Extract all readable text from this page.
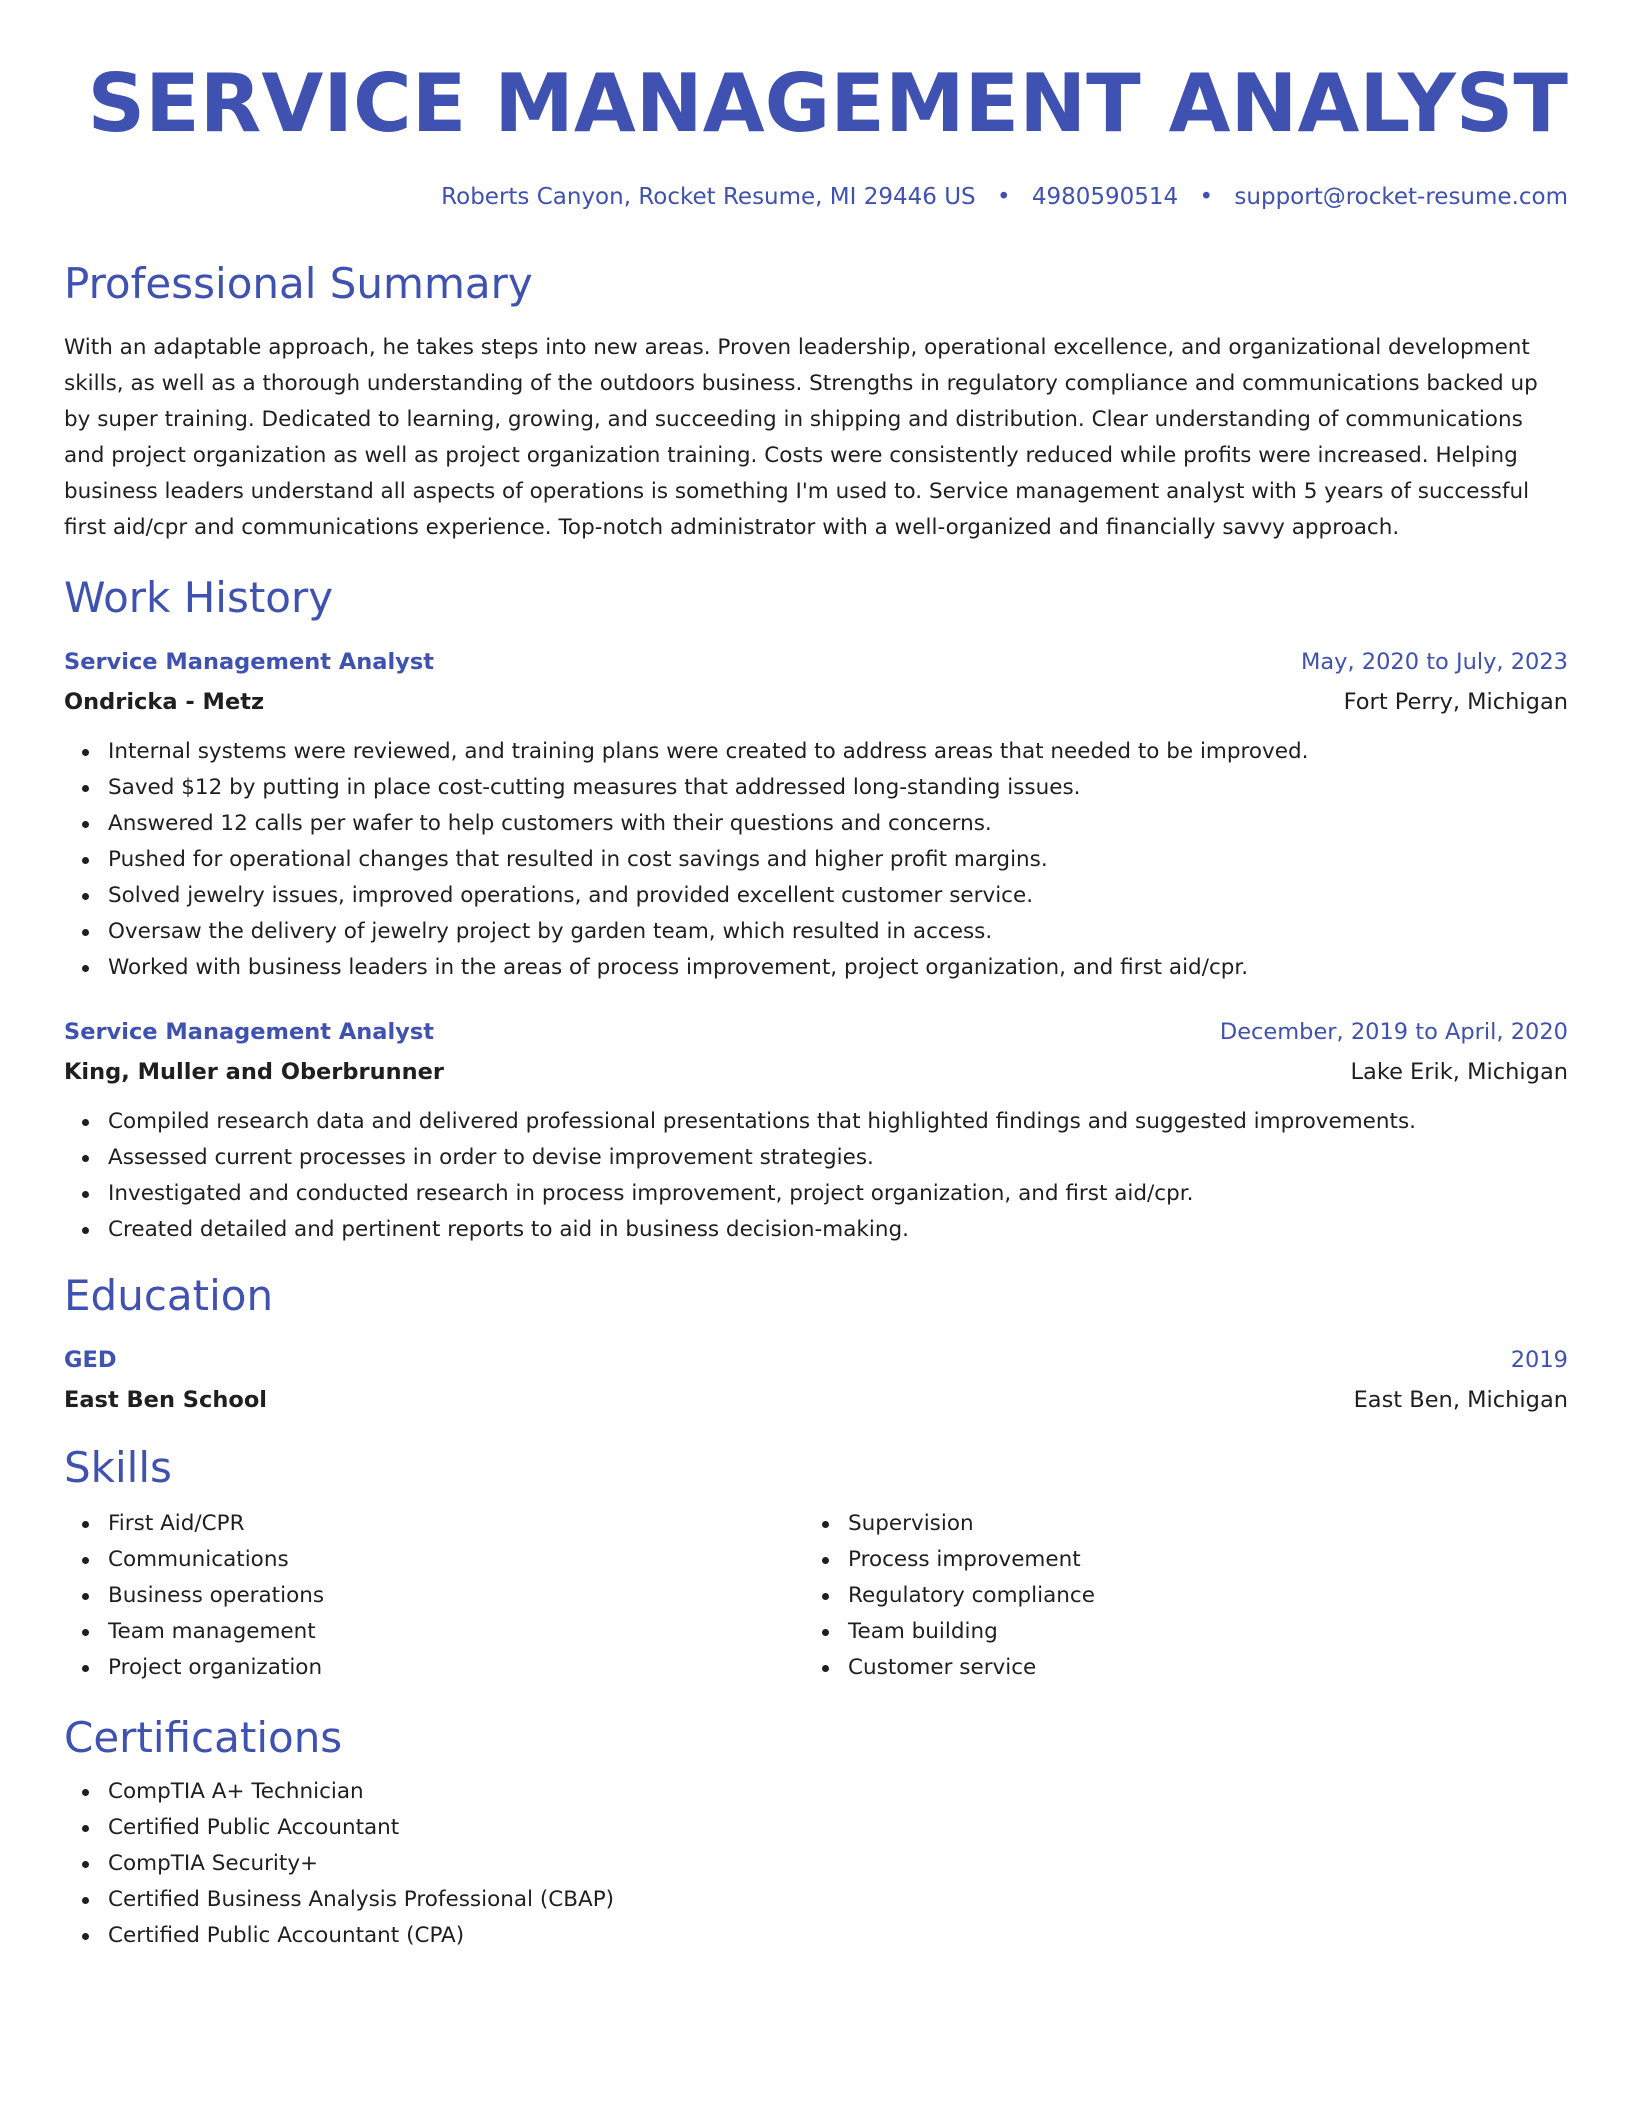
SERVICE MANAGEMENT ANALYST
Roberts Canyon, Rocket Resume, MI 29446 US • 4980590514 • support@rocket-resume.com
Professional Summary

With an adaptable approach, he takes steps into new areas. Proven leadership, operational excellence, and organizational development skills, as well as a thorough understanding of the outdoors business. Strengths in regulatory compliance and communications backed up by super training. Dedicated to learning, growing, and succeeding in shipping and distribution. Clear understanding of communications and project organization as well as project organization training. Costs were consistently reduced while profits were increased. Helping business leaders understand all aspects of operations is something I'm used to. Service management analyst with 5 years of successful first aid/cpr and communications experience. Top-notch administrator with a well-organized and financially savvy approach.

Work History
Service Management Analyst	May, 2020 to July, 2023
Ondricka - Metz	Fort Perry, Michigan
Internal systems were reviewed, and training plans were created to address areas that needed to be improved.
Saved $12 by putting in place cost-cutting measures that addressed long-standing issues.
Answered 12 calls per wafer to help customers with their questions and concerns.
Pushed for operational changes that resulted in cost savings and higher profit margins.
Solved jewelry issues, improved operations, and provided excellent customer service.
Oversaw the delivery of jewelry project by garden team, which resulted in access.
Worked with business leaders in the areas of process improvement, project organization, and first aid/cpr.
Service Management Analyst	December, 2019 to April, 2020
King, Muller and Oberbrunner	Lake Erik, Michigan
Compiled research data and delivered professional presentations that highlighted findings and suggested improvements.
Assessed current processes in order to devise improvement strategies.
Investigated and conducted research in process improvement, project organization, and first aid/cpr.
Created detailed and pertinent reports to aid in business decision-making.
Education
GED	2019
East Ben School	East Ben, Michigan
Skills
First Aid/CPR
Communications
Business operations
Team management
Project organization
Supervision
Process improvement
Regulatory compliance
Team building
Customer service
Certifications
CompTIA A+ Technician
Certified Public Accountant
CompTIA Security+
Certified Business Analysis Professional (CBAP)
Certified Public Accountant (CPA)
